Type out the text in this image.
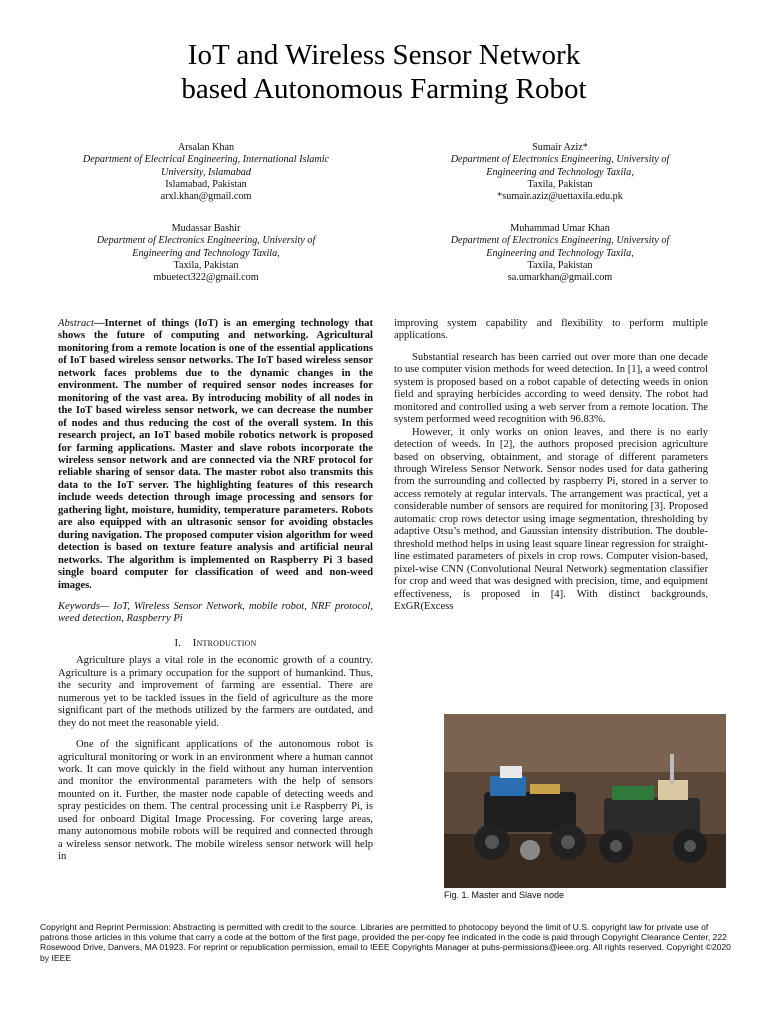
IoT and Wireless Sensor Network
based Autonomous Farming Robot
Arsalan Khan
Department of Electrical Engineering, International Islamic
University, Islamabad
Islamabad, Pakistan
arxl.khan@gmail.com
Sumair Aziz*
Department of Electronics Engineering, University of
Engineering and Technology Taxila,
Taxila, Pakistan
*sumair.aziz@uettaxila.edu.pk
Mudassar Bashir
Department of Electronics Engineering, University of
Engineering and Technology Taxila,
Taxila, Pakistan
mbuetect322@gmail.com
Muhammad Umar Khan
Department of Electronics Engineering, University of
Engineering and Technology Taxila,
Taxila, Pakistan
sa.umarkhan@gmail.com

Abstract—Internet of things (IoT) is an emerging technology that shows the future of computing and networking. Agricultural monitoring from a remote location is one of the essential applications of IoT based wireless sensor networks. The IoT based wireless sensor network faces problems due to the dynamic changes in the environment. The number of required sensor nodes increases for monitoring of the vast area. By introducing mobility of all nodes in the IoT based wireless sensor network, we can decrease the number of nodes and thus reducing the cost of the overall system. In this research project, an IoT based mobile robotics network is proposed for farming applications. Master and slave robots incorporate the wireless sensor network and are connected via the NRF protocol for reliable sharing of sensor data. The master robot also transmits this data to the IoT server. The highlighting features of this research include weeds detection through image processing and sensors for gathering light, moisture, humidity, temperature parameters. Robots are also equipped with an ultrasonic sensor for avoiding obstacles during navigation. The proposed computer vision algorithm for weed detection is based on texture feature analysis and artificial neural networks. The algorithm is implemented on Raspberry Pi 3 based single board computer for classification of weed and non-weed images.

Keywords— IoT, Wireless Sensor Network, mobile robot, NRF protocol, weed detection, Raspberry Pi

I. Introduction

Agriculture plays a vital role in the economic growth of a country. Agriculture is a primary occupation for the support of humankind. Thus, the security and improvement of farming are essential. There are numerous yet to be tackled issues in the field of agriculture as the more significant part of the methods utilized by the farmers are outdated, and they do not meet the reasonable yield.

One of the significant applications of the autonomous robot is agricultural monitoring or work in an environment where a human cannot work. It can move quickly in the field without any human intervention and monitor the environmental parameters with the help of sensors mounted on it. Further, the master node capable of detecting weeds and spray pesticides on them. The central processing unit i.e Raspberry Pi, is used for onboard Digital Image Processing. For covering large areas, many autonomous mobile robots will be required and connected through a wireless sensor network. The mobile wireless sensor network will help in

improving system capability and flexibility to perform multiple applications.

Substantial research has been carried out over more than one decade to use computer vision methods for weed detection. In [1], a weed control system is proposed based on a robot capable of detecting weeds in onion field and spraying herbicides according to weed density. The robot had monitored and controlled using a web server from a remote location. The system performed weed recognition with 96.83%.

However, it only works on onion leaves, and there is no early detection of weeds. In [2], the authors proposed precision agriculture based on observing, obtainment, and storage of different parameters through Wireless Sensor Network. Sensor nodes used for data gathering from the surrounding and collected by raspberry Pi, stored in a server to access remotely at regular intervals. The arrangement was practical, yet a considerable number of sensors are required for monitoring [3]. Proposed automatic crop rows detector using image segmentation, thresholding by adaptive Otsu’s method, and Gaussian intensity distribution. The double-threshold method helps in using least square linear regression for straight-line estimated parameters of pixels in crop rows. Computer vision-based, pixel-wise CNN (Convolutional Neural Network) segmentation classifier for crop and weed that was designed with precision, time, and equipment effectiveness, is proposed in [4]. With distinct backgrounds, ExGR(Excess

Fig. 1. Master and Slave node
Copyright and Reprint Permission: Abstracting is permitted with credit to the source. Libraries are permitted to photocopy beyond the limit of U.S. copyright law for private use of patrons those articles in this volume that carry a code at the bottom of the first page, provided the per-copy fee indicated in the code is paid through Copyright Clearance Center, 222 Rosewood Drive, Danvers, MA 01923. For reprint or republication permission, email to IEEE Copyrights Manager at pubs-permissions@ieee.org. All rights reserved. Copyright ©2020 by IEEE
